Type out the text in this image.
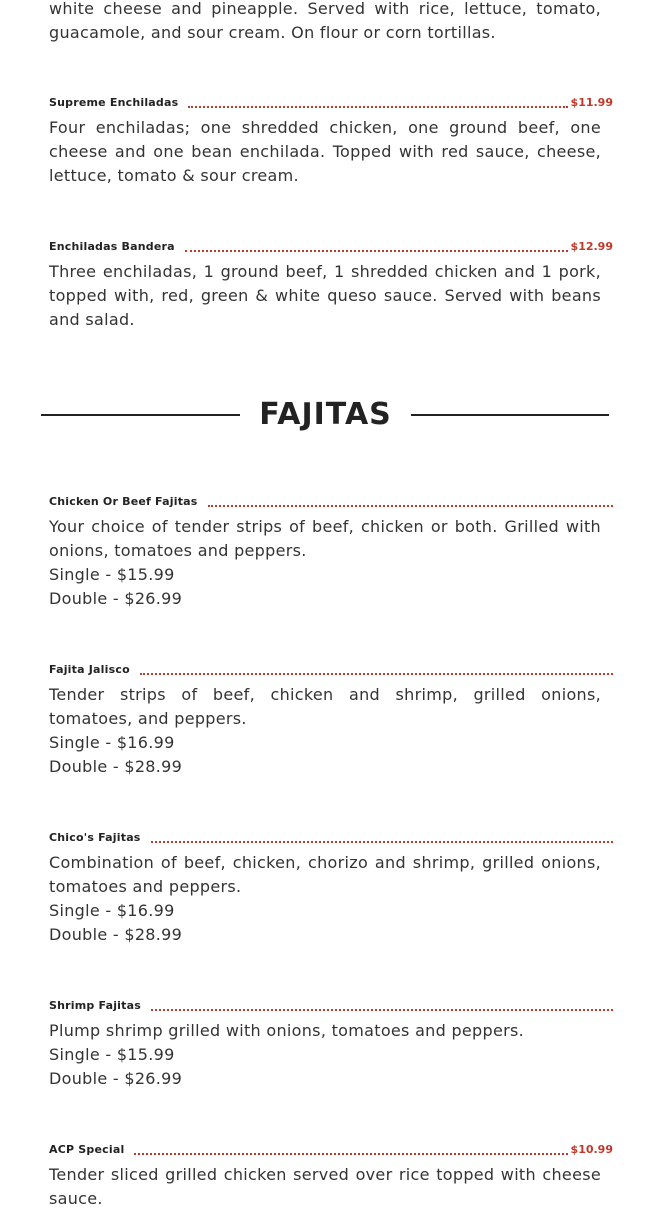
white cheese and pineapple. Served with rice, lettuce, tomato, guacamole, and sour cream. On flour or corn tortillas.

Supreme Enchiladas	$11.99

Four enchiladas; one shredded chicken, one ground beef, one cheese and one bean enchilada. Topped with red sauce, cheese, lettuce, tomato & sour cream.

Enchiladas Bandera	$12.99

Three enchiladas, 1 ground beef, 1 shredded chicken and 1 pork, topped with, red, green & white queso sauce. Served with beans and salad.

FAJITAS
Chicken Or Beef Fajitas

Your choice of tender strips of beef, chicken or both. Grilled with onions, tomatoes and peppers.

Single - $15.99
Double - $26.99
Fajita Jalisco

Tender strips of beef, chicken and shrimp, grilled onions, tomatoes, and peppers.

Single - $16.99
Double - $28.99
Chico's Fajitas

Combination of beef, chicken, chorizo and shrimp, grilled onions, tomatoes and peppers.

Single - $16.99
Double - $28.99
Shrimp Fajitas

Plump shrimp grilled with onions, tomatoes and peppers.

Single - $15.99
Double - $26.99
ACP Special	$10.99

Tender sliced grilled chicken served over rice topped with cheese sauce.
